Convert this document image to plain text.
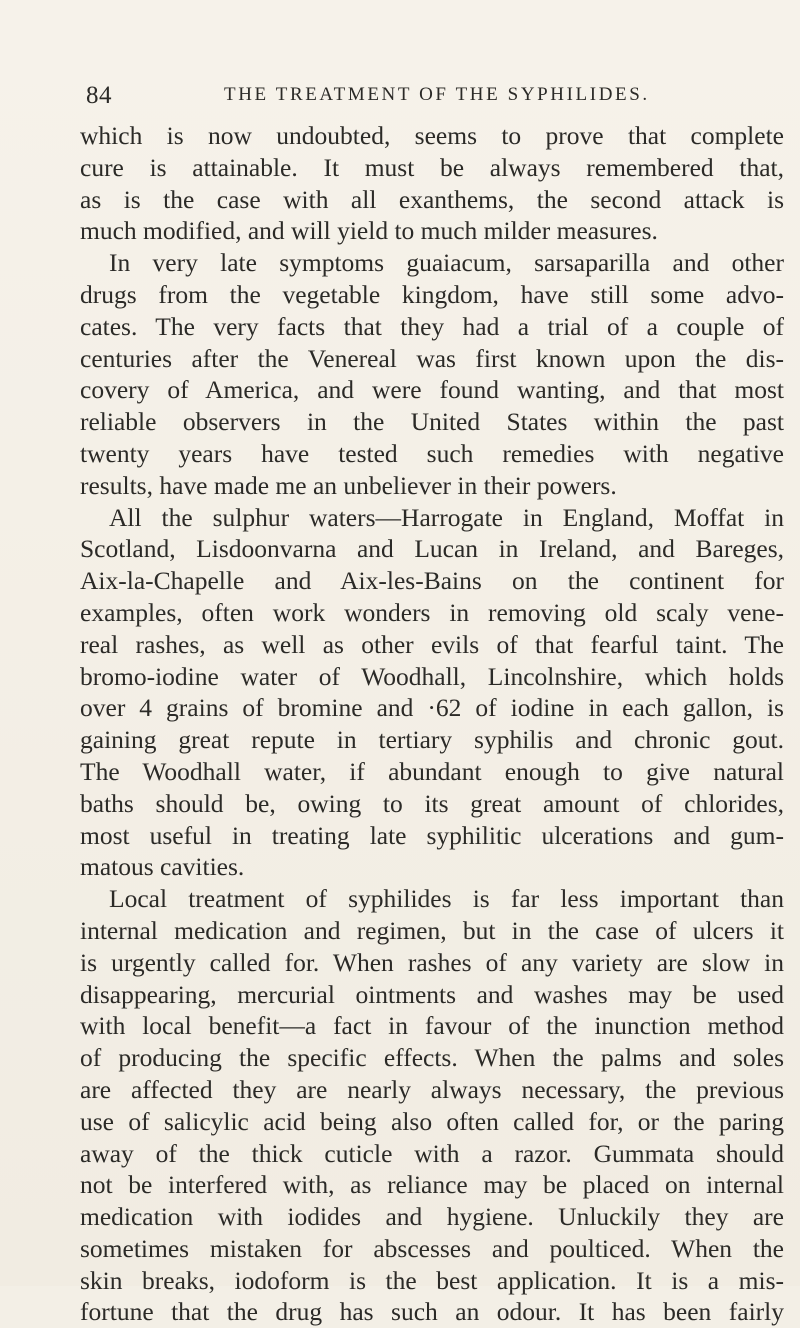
84	THE TREATMENT OF THE SYPHILIDES.
which is now undoubted, seems to prove that complete
cure is attainable. It must be always remembered that,
as is the case with all exanthems, the second attack is
much modified, and will yield to much milder measures.
In very late symptoms guaiacum, sarsaparilla and other
drugs from the vegetable kingdom, have still some advo-
cates. The very facts that they had a trial of a couple of
centuries after the Venereal was first known upon the dis-
covery of America, and were found wanting, and that most
reliable observers in the United States within the past
twenty years have tested such remedies with negative
results, have made me an unbeliever in their powers.
All the sulphur waters—Harrogate in England, Moffat in
Scotland, Lisdoonvarna and Lucan in Ireland, and Bareges,
Aix-la-Chapelle and Aix-les-Bains on the continent for
examples, often work wonders in removing old scaly vene-
real rashes, as well as other evils of that fearful taint. The
bromo-iodine water of Woodhall, Lincolnshire, which holds
over 4 grains of bromine and ·62 of iodine in each gallon, is
gaining great repute in tertiary syphilis and chronic gout.
The Woodhall water, if abundant enough to give natural
baths should be, owing to its great amount of chlorides,
most useful in treating late syphilitic ulcerations and gum-
matous cavities.
Local treatment of syphilides is far less important than
internal medication and regimen, but in the case of ulcers it
is urgently called for. When rashes of any variety are slow in
disappearing, mercurial ointments and washes may be used
with local benefit—a fact in favour of the inunction method
of producing the specific effects. When the palms and soles
are affected they are nearly always necessary, the previous
use of salicylic acid being also often called for, or the paring
away of the thick cuticle with a razor. Gummata should
not be interfered with, as reliance may be placed on internal
medication with iodides and hygiene. Unluckily they are
sometimes mistaken for abscesses and poulticed. When the
skin breaks, iodoform is the best application. It is a mis-
fortune that the drug has such an odour. It has been fairly
